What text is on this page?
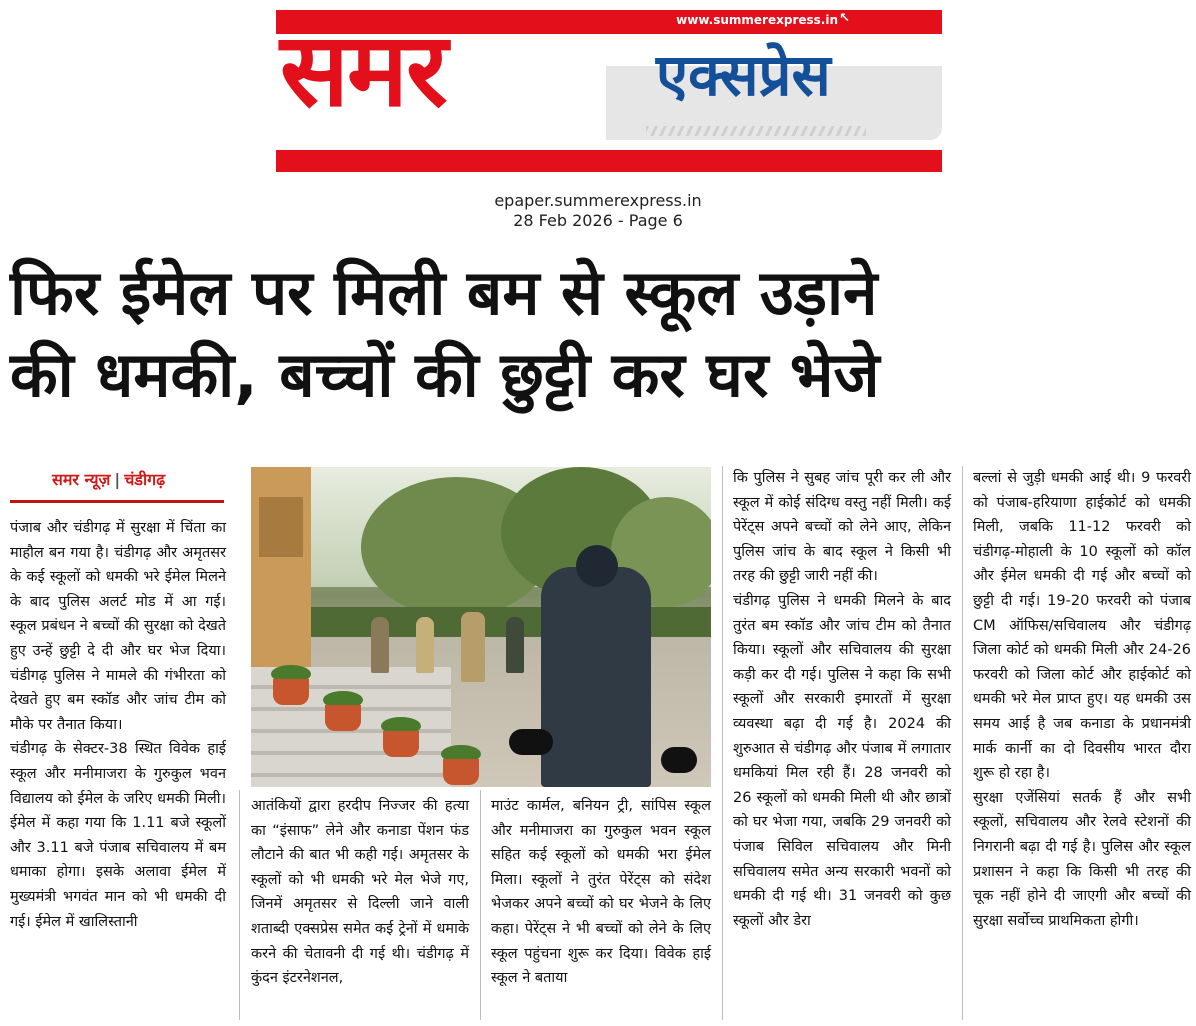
www.summerexpress.in ↖
समर	एक्सप्रेस
epaper.summerexpress.in
28 Feb 2026 - Page 6
फिर ईमेल पर मिली बम से स्कूल उड़ाने
की धमकी, बच्चों की छुट्टी कर घर भेजे
समर न्यूज़ | चंडीगढ़

पंजाब और चंडीगढ़ में सुरक्षा में चिंता का माहौल बन गया है। चंडीगढ़ और अमृतसर के कई स्कूलों को धमकी भरे ईमेल मिलने के बाद पुलिस अलर्ट मोड में आ गई। स्कूल प्रबंधन ने बच्चों की सुरक्षा को देखते हुए उन्हें छुट्टी दे दी और घर भेज दिया। चंडीगढ़ पुलिस ने मामले की गंभीरता को देखते हुए बम स्कॉड और जांच टीम को मौके पर तैनात किया।

चंडीगढ़ के सेक्टर-38 स्थित विवेक हाई स्कूल और मनीमाजरा के गुरुकुल भवन विद्यालय को ईमेल के जरिए धमकी मिली। ईमेल में कहा गया कि 1.11 बजे स्कूलों और 3.11 बजे पंजाब सचिवालय में बम धमाका होगा। इसके अलावा ईमेल में मुख्यमंत्री भगवंत मान को भी धमकी दी गई। ईमेल में खालिस्तानी

आतंकियों द्वारा हरदीप निज्जर की हत्या का “इंसाफ” लेने और कनाडा पेंशन फंड लौटाने की बात भी कही गई। अमृतसर के स्कूलों को भी धमकी भरे मेल भेजे गए, जिनमें अमृतसर से दिल्ली जाने वाली शताब्दी एक्सप्रेस समेत कई ट्रेनों में धमाके करने की चेतावनी दी गई थी। चंडीगढ़ में कुंदन इंटरनेशनल,

माउंट कार्मल, बनियन ट्री, सांपिस स्कूल और मनीमाजरा का गुरुकुल भवन स्कूल सहित कई स्कूलों को धमकी भरा ईमेल मिला। स्कूलों ने तुरंत पेरेंट्स को संदेश भेजकर अपने बच्चों को घर भेजने के लिए कहा। पेरेंट्स ने भी बच्चों को लेने के लिए स्कूल पहुंचना शुरू कर दिया। विवेक हाई स्कूल ने बताया

कि पुलिस ने सुबह जांच पूरी कर ली और स्कूल में कोई संदिग्ध वस्तु नहीं मिली। कई पेरेंट्स अपने बच्चों को लेने आए, लेकिन पुलिस जांच के बाद स्कूल ने किसी भी तरह की छुट्टी जारी नहीं की।

चंडीगढ़ पुलिस ने धमकी मिलने के बाद तुरंत बम स्कॉड और जांच टीम को तैनात किया। स्कूलों और सचिवालय की सुरक्षा कड़ी कर दी गई। पुलिस ने कहा कि सभी स्कूलों और सरकारी इमारतों में सुरक्षा व्यवस्था बढ़ा दी गई है। 2024 की शुरुआत से चंडीगढ़ और पंजाब में लगातार धमकियां मिल रही हैं। 28 जनवरी को 26 स्कूलों को धमकी मिली थी और छात्रों को घर भेजा गया, जबकि 29 जनवरी को पंजाब सिविल सचिवालय और मिनी सचिवालय समेत अन्य सरकारी भवनों को धमकी दी गई थी। 31 जनवरी को कुछ स्कूलों और डेरा

बल्लां से जुड़ी धमकी आई थी। 9 फरवरी को पंजाब-हरियाणा हाईकोर्ट को धमकी मिली, जबकि 11-12 फरवरी को चंडीगढ़-मोहाली के 10 स्कूलों को कॉल और ईमेल धमकी दी गई और बच्चों को छुट्टी दी गई। 19-20 फरवरी को पंजाब CM ऑफिस/सचिवालय और चंडीगढ़ जिला कोर्ट को धमकी मिली और 24-26 फरवरी को जिला कोर्ट और हाईकोर्ट को धमकी भरे मेल प्राप्त हुए। यह धमकी उस समय आई है जब कनाडा के प्रधानमंत्री मार्क कार्नी का दो दिवसीय भारत दौरा शुरू हो रहा है।

सुरक्षा एजेंसियां सतर्क हैं और सभी स्कूलों, सचिवालय और रेलवे स्टेशनों की निगरानी बढ़ा दी गई है। पुलिस और स्कूल प्रशासन ने कहा कि किसी भी तरह की चूक नहीं होने दी जाएगी और बच्चों की सुरक्षा सर्वोच्च प्राथमिकता होगी।
